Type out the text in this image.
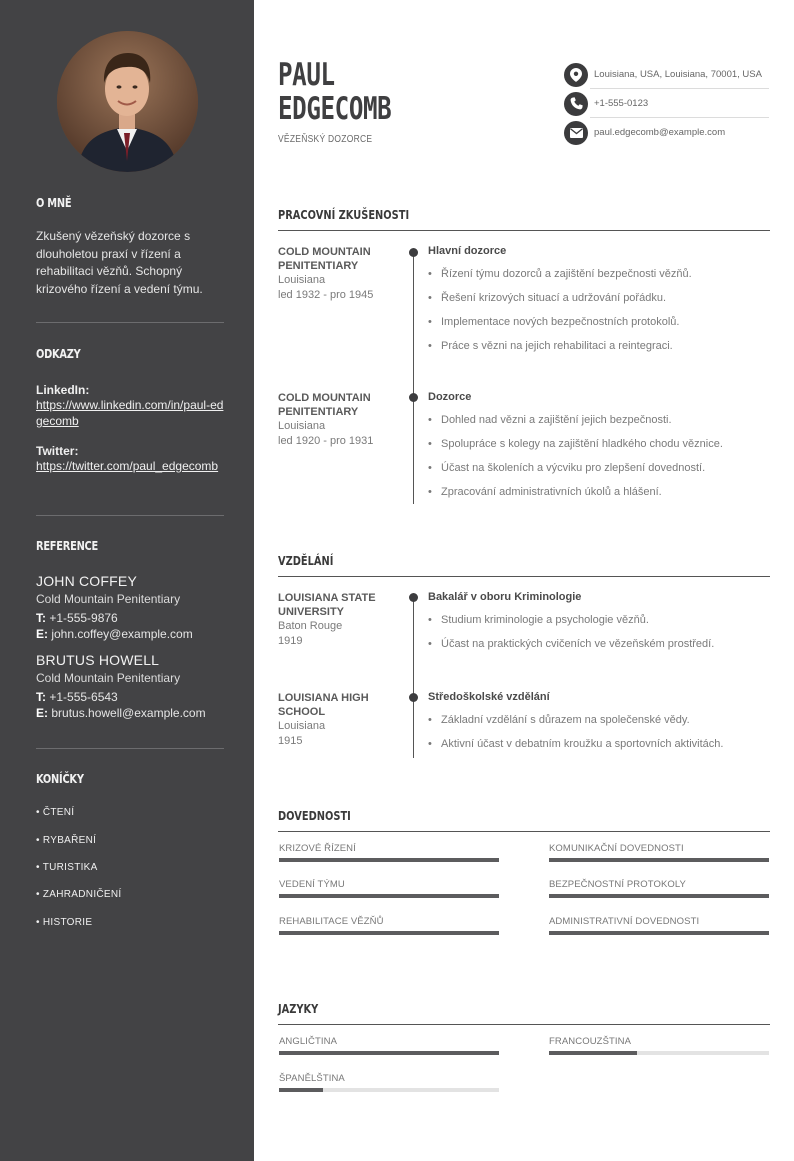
O MNĚ
Zkušený vězeňský dozorce s dlouholetou praxí v řízení a rehabilitaci vězňů. Schopný krizového řízení a vedení týmu.
ODKAZY
LinkedIn:
https://www.linkedin.com/in/paul-edgecomb
Twitter:
https://twitter.com/paul_edgecomb
REFERENCE
JOHN COFFEY
Cold Mountain Penitentiary
T: +1-555-9876
E: john.coffey@example.com
BRUTUS HOWELL
Cold Mountain Penitentiary
T: +1-555-6543
E: brutus.howell@example.com
KONÍČKY
• ČTENÍ
• RYBAŘENÍ
• TURISTIKA
• ZAHRADNIČENÍ
• HISTORIE
PAUL
EDGECOMB
VĚZEŇSKÝ DOZORCE
Louisiana, USA, Louisiana, 70001, USA
+1-555-0123
paul.edgecomb@example.com
PRACOVNÍ ZKUŠENOSTI
COLD MOUNTAIN PENITENTIARY
Louisiana
led 1932 - pro 1945
Hlavní dozorce
• Řízení týmu dozorců a zajištění bezpečnosti vězňů.
• Řešení krizových situací a udržování pořádku.
• Implementace nových bezpečnostních protokolů.
• Práce s vězni na jejich rehabilitaci a reintegraci.
COLD MOUNTAIN PENITENTIARY
Louisiana
led 1920 - pro 1931
Dozorce
• Dohled nad vězni a zajištění jejich bezpečnosti.
• Spolupráce s kolegy na zajištění hladkého chodu věznice.
• Účast na školeních a výcviku pro zlepšení dovedností.
• Zpracování administrativních úkolů a hlášení.
VZDĚLÁNÍ
LOUISIANA STATE UNIVERSITY
Baton Rouge
1919
Bakalář v oboru Kriminologie
• Studium kriminologie a psychologie vězňů.
• Účast na praktických cvičeních ve vězeňském prostředí.
LOUISIANA HIGH SCHOOL
Louisiana
1915
Středoškolské vzdělání
• Základní vzdělání s důrazem na společenské vědy.
• Aktivní účast v debatním kroužku a sportovních aktivitách.
DOVEDNOSTI
KRIZOVÉ ŘÍZENÍ	KOMUNIKAČNÍ DOVEDNOSTI
VEDENÍ TÝMU	BEZPEČNOSTNÍ PROTOKOLY
REHABILITACE VĚZŇŮ	ADMINISTRATIVNÍ DOVEDNOSTI
JAZYKY
ANGLIČTINA	FRANCOUZŠTINA
ŠPANĚLŠTINA
